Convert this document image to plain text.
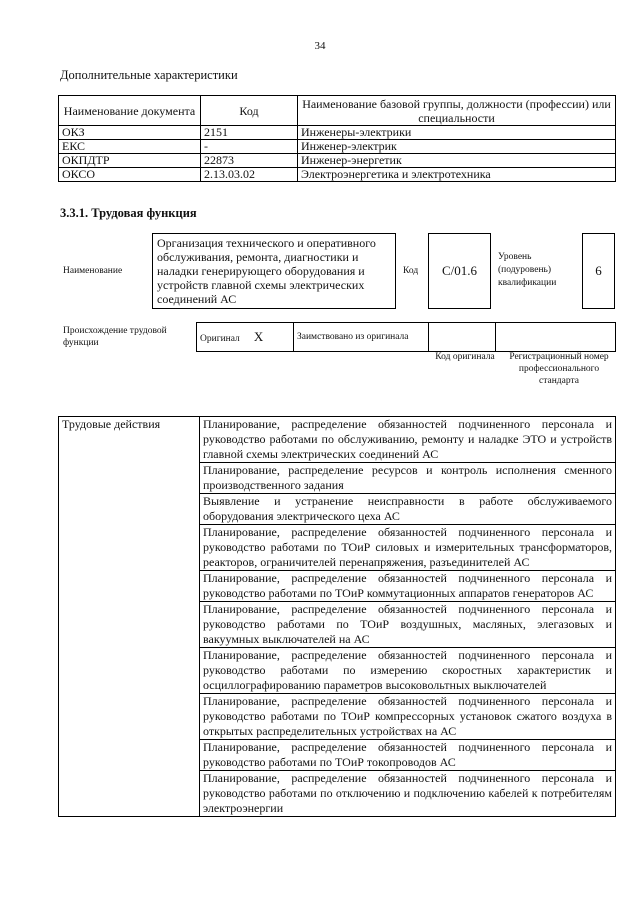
34
Дополнительные характеристики
Наименование документа	Код	Наименование базовой группы, должности (профессии) или специальности
ОКЗ	2151	Инженеры-электрики
ЕКС	-	Инженер-электрик
ОКПДТР	22873	Инженер-энергетик
ОКСО	2.13.03.02	Электроэнергетика и электротехника
3.3.1. Трудовая функция
Наименование
Организация технического и оперативного обслуживания, ремонта, диагностики и наладки генерирующего оборудования и устройств главной схемы электрических соединений АС
Код	C/01.6
Уровень (подуровень) квалификации
6
Происхождение трудовой функции	Оригинал X	Заимствовано из оригинала		
Код оригинала	Регистрационный номер профессионального стандарта
Трудовые действия	Планирование, распределение обязанностей подчиненного персонала и руководство работами по обслуживанию, ремонту и наладке ЭТО и устройств главной схемы электрических соединений АС
Планирование, распределение ресурсов и контроль исполнения сменного производственного задания
Выявление и устранение неисправности в работе обслуживаемого оборудования электрического цеха АС
Планирование, распределение обязанностей подчиненного персонала и руководство работами по ТОиР силовых и измерительных трансформаторов, реакторов, ограничителей перенапряжения, разъединителей АС
Планирование, распределение обязанностей подчиненного персонала и руководство работами по ТОиР коммутационных аппаратов генераторов АС
Планирование, распределение обязанностей подчиненного персонала и руководство работами по ТОиР воздушных, масляных, элегазовых и вакуумных выключателей на АС
Планирование, распределение обязанностей подчиненного персонала и руководство работами по измерению скоростных характеристик и осциллографированию параметров высоковольтных выключателей
Планирование, распределение обязанностей подчиненного персонала и руководство работами по ТОиР компрессорных установок сжатого воздуха в открытых распределительных устройствах на АС
Планирование, распределение обязанностей подчиненного персонала и руководство работами по ТОиР токопроводов АС
Планирование, распределение обязанностей подчиненного персонала и руководство работами по отключению и подключению кабелей к потребителям электроэнергии
